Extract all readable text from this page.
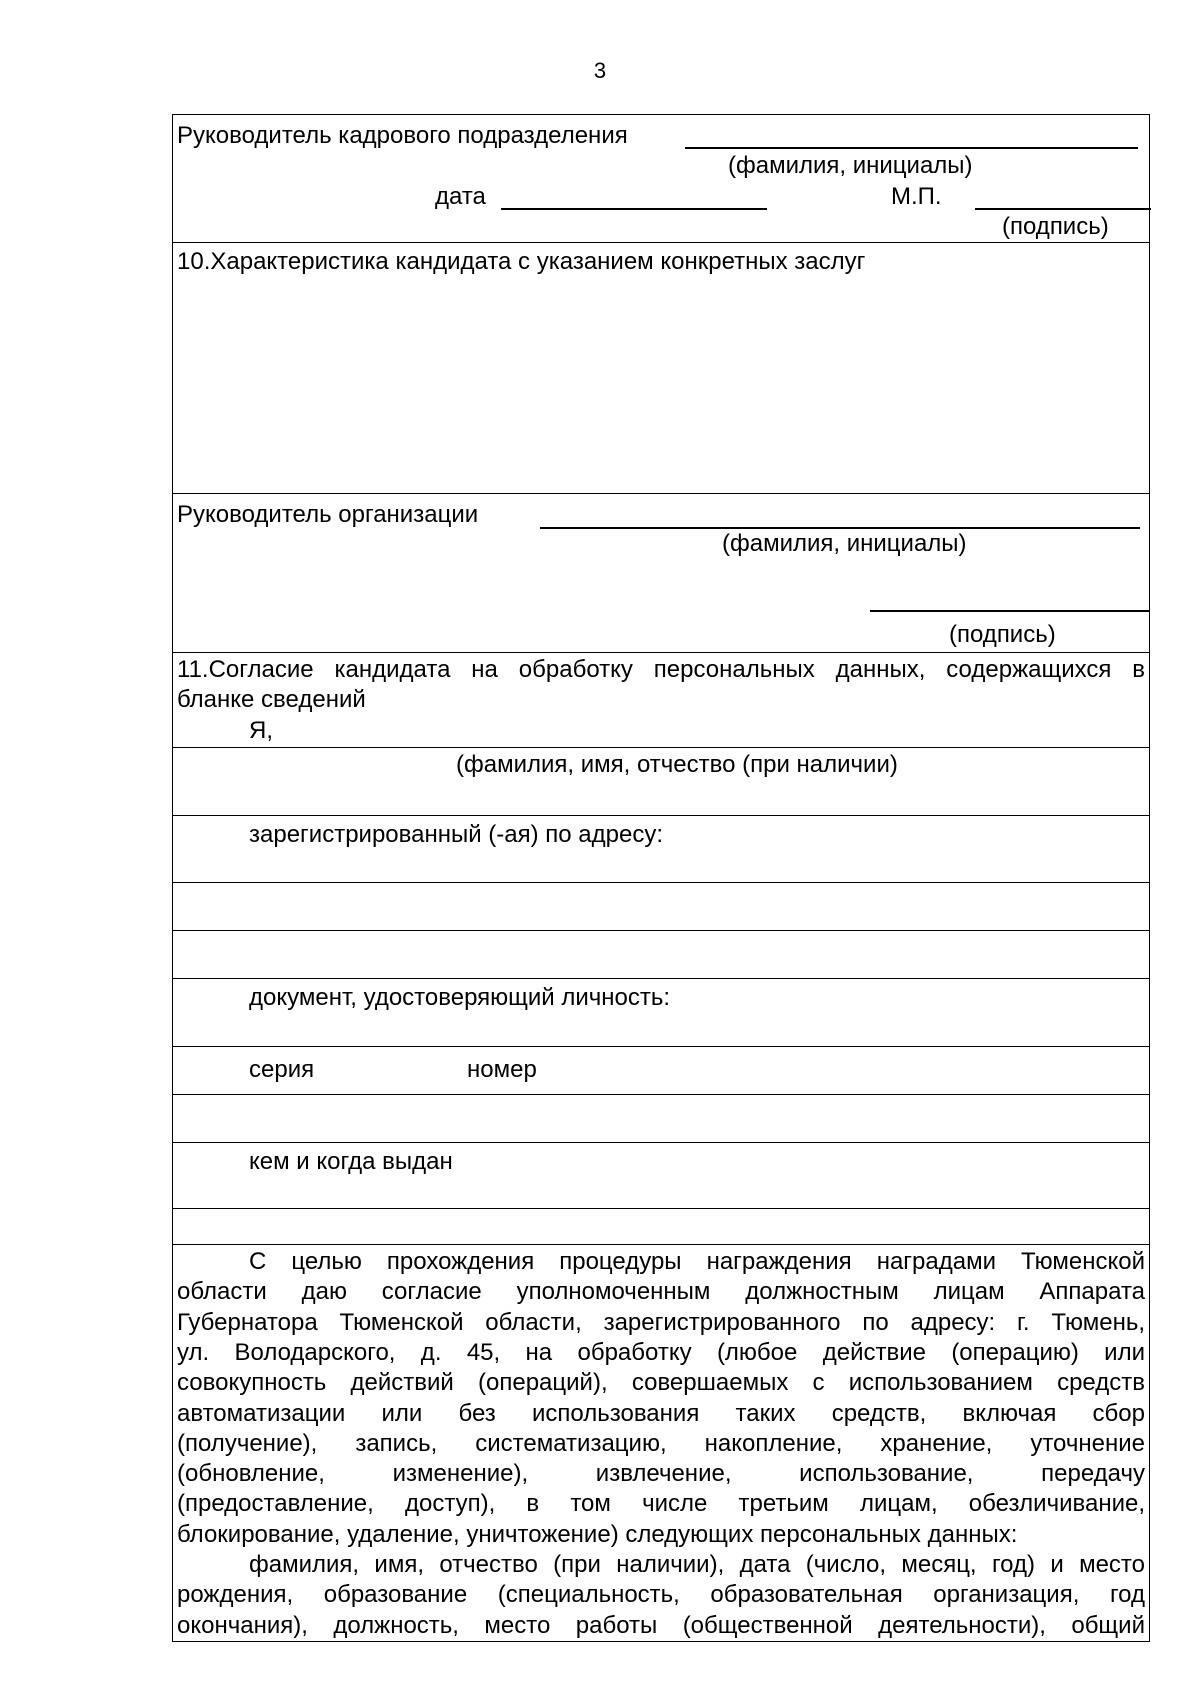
3
Руководитель кадрового подразделения
(фамилия, инициалы)
дата	М.П.
(подпись)
10.Характеристика кандидата с указанием конкретных заслуг
Руководитель организации
(фамилия, инициалы)
(подпись)
11.Согласие кандидата на обработку персональных данных, содержащихся в
бланке сведений
Я,
(фамилия, имя, отчество (при наличии)
зарегистрированный (-ая) по адресу:
документ, удостоверяющий личность:
серия	номер
кем и когда выдан
С целью прохождения процедуры награждения наградами Тюменской
области даю согласие уполномоченным должностным лицам Аппарата
Губернатора Тюменской области, зарегистрированного по адресу: г. Тюмень,
ул. Володарского, д. 45, на обработку (любое действие (операцию) или
совокупность действий (операций), совершаемых с использованием средств
автоматизации или без использования таких средств, включая сбор
(получение), запись, систематизацию, накопление, хранение, уточнение
(обновление, изменение), извлечение, использование, передачу
(предоставление, доступ), в том числе третьим лицам, обезличивание,
блокирование, удаление, уничтожение) следующих персональных данных:
фамилия, имя, отчество (при наличии), дата (число, месяц, год) и место
рождения, образование (специальность, образовательная организация, год
окончания), должность, место работы (общественной деятельности), общий
